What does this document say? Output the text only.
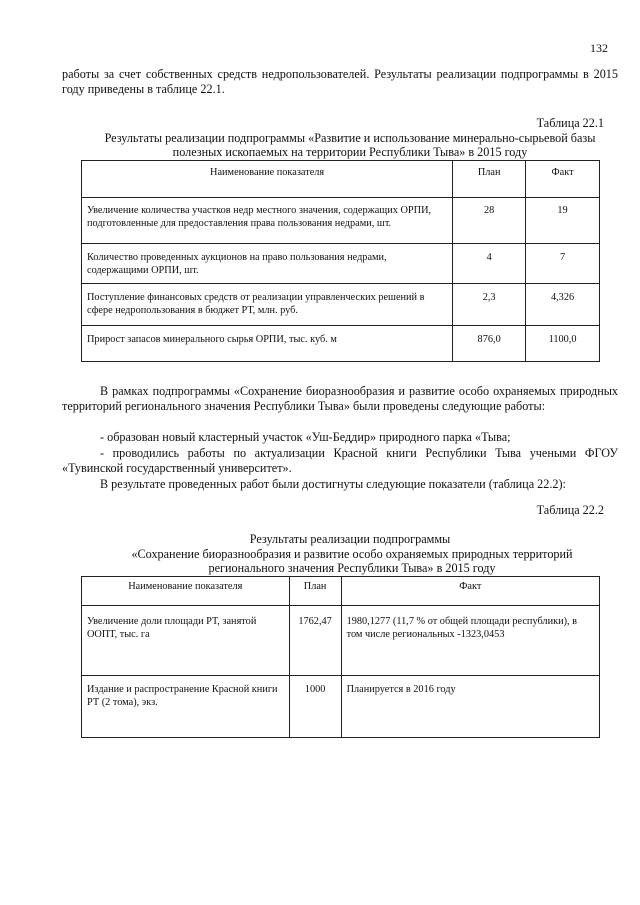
132
работы за счет собственных средств недропользователей. Результаты реализации подпрограммы в 2015 году приведены в таблице 22.1.
Таблица 22.1
Результаты реализации подпрограммы «Развитие и использование минерально-сырьевой базы полезных ископаемых на территории Республики Тыва» в 2015 году
Наименование показателя	План	Факт
Увеличение количества участков недр местного значения, содержащих ОРПИ, подготовленные для предоставления права пользования недрами, шт.	28	19
Количество проведенных аукционов на право пользования недрами, содержащими ОРПИ, шт.	4	7
Поступление финансовых средств от реализации управленческих решений в сфере недропользования в бюджет РТ, млн. руб.	2,3	4,326
Прирост запасов минерального сырья ОРПИ, тыс. куб. м	876,0	1100,0
В рамках подпрограммы «Сохранение биоразнообразия и развитие особо охраняемых природных территорий регионального значения Республики Тыва» были проведены следующие работы:
- образован новый кластерный участок «Уш-Беддир» природного парка «Тыва;
- проводились работы по актуализации Красной книги Республики Тыва учеными ФГОУ «Тувинской государственный университет».
В результате проведенных работ были достигнуты следующие показатели (таблица 22.2):
Таблица 22.2
Результаты реализации подпрограммы
«Сохранение биоразнообразия и развитие особо охраняемых природных территорий регионального значения Республики Тыва» в 2015 году
Наименование показателя	План	Факт
Увеличение доли площади РТ, занятой ООПТ, тыс. га	1762,47	1980,1277 (11,7 % от общей площади республики), в том числе региональных -1323,0453
Издание и распространение Красной книги РТ (2 тома), экз.	1000	Планируется в 2016 году
